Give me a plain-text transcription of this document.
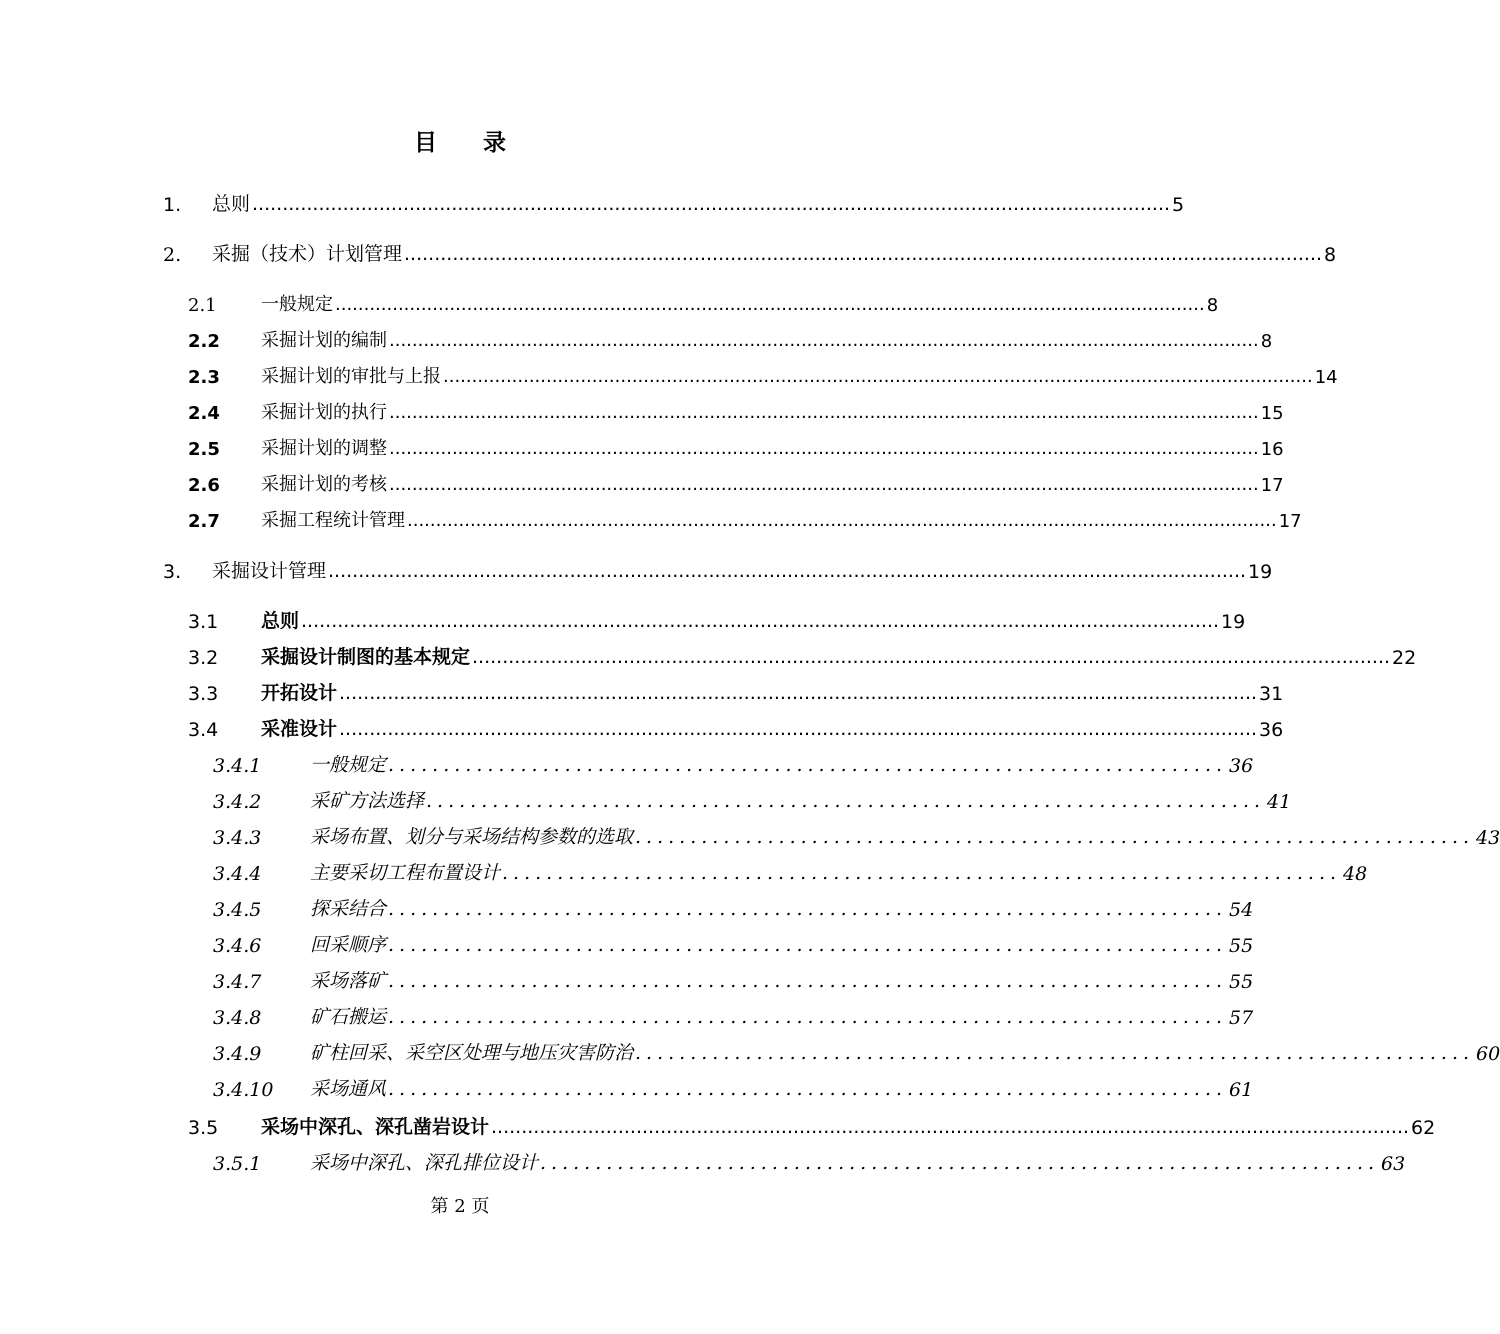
目　　录
1.	总则 ........................................................................................................................................................ 5
2.	采掘（技术）计划管理 ........................................................................................................................................................ 8
2.1	一般规定 ........................................................................................................................................................ 8
2.2	采掘计划的编制 ........................................................................................................................................................ 8
2.3	采掘计划的审批与上报 ........................................................................................................................................................ 14
2.4	采掘计划的执行 ........................................................................................................................................................ 15
2.5	采掘计划的调整 ........................................................................................................................................................ 16
2.6	采掘计划的考核 ........................................................................................................................................................ 17
2.7	采掘工程统计管理 ........................................................................................................................................................ 17
3.	采掘设计管理 ........................................................................................................................................................ 19
3.1	总则 ........................................................................................................................................................ 19
3.2	采掘设计制图的基本规定 ........................................................................................................................................................ 22
3.3	开拓设计 ........................................................................................................................................................ 31
3.4	采准设计 ........................................................................................................................................................ 36
3.4.1	一般规定 ............................................................................ 36
3.4.2	采矿方法选择 ............................................................................ 41
3.4.3	采场布置、划分与采场结构参数的选取 ............................................................................ 43
3.4.4	主要采切工程布置设计 ............................................................................ 48
3.4.5	探采结合 ............................................................................ 54
3.4.6	回采顺序 ............................................................................ 55
3.4.7	采场落矿 ............................................................................ 55
3.4.8	矿石搬运 ............................................................................ 57
3.4.9	矿柱回采、采空区处理与地压灾害防治 ............................................................................ 60
3.4.10	采场通风 ............................................................................ 61
3.5	采场中深孔、深孔凿岩设计 ........................................................................................................................................................ 62
3.5.1	采场中深孔、深孔排位设计 ............................................................................ 63
第 2 页
